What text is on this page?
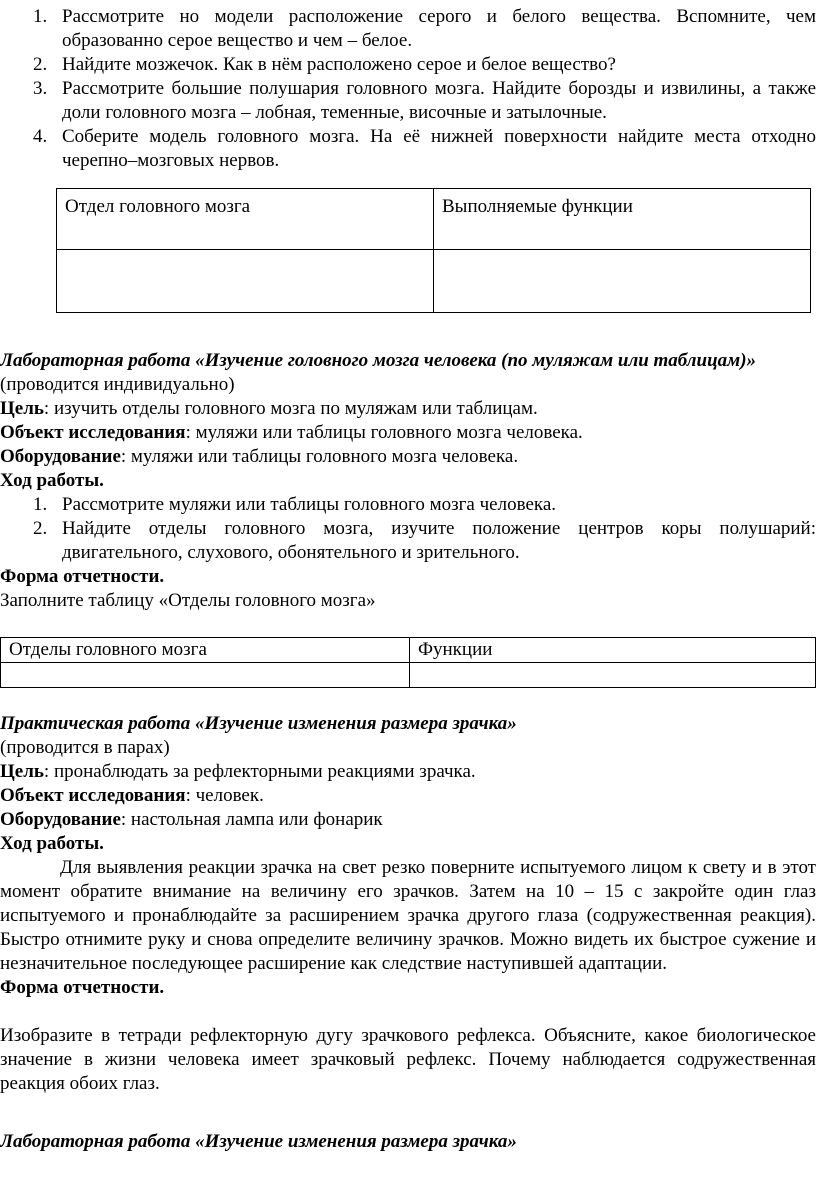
1. Рассмотрите но модели расположение серого и белого вещества. Вспомните, чем образованно серое вещество и чем – белое.
2. Найдите мозжечок. Как в нём расположено серое и белое вещество?
3. Рассмотрите большие полушария головного мозга. Найдите борозды и извилины, а также доли головного мозга – лобная, теменные, височные и затылочные.
4. Соберите модель головного мозга. На её нижней поверхности найдите места отходно черепно–мозговых нервов.
Отдел головного мозга	Выполняемые функции

Лабораторная работа «Изучение головного мозга человека (по муляжам или таблицам)»

(проводится индивидуально)

Цель: изучить отделы головного мозга по муляжам или таблицам.

Объект исследования: муляжи или таблицы головного мозга человека.

Оборудование: муляжи или таблицы головного мозга человека.

Ход работы.

1. Рассмотрите муляжи или таблицы головного мозга человека.
2. Найдите отделы головного мозга, изучите положение центров коры полушарий: двигательного, слухового, обонятельного и зрительного.

Форма отчетности.

Заполните таблицу «Отделы головного мозга»

Отделы головного мозга	Функции

Практическая работа «Изучение изменения размера зрачка»

(проводится в парах)

Цель: пронаблюдать за рефлекторными реакциями зрачка.

Объект исследования: человек.

Оборудование: настольная лампа или фонарик

Ход работы.

Для выявления реакции зрачка на свет резко поверните испытуемого лицом к свету и в этот момент обратите внимание на величину его зрачков. Затем на 10 – 15 с закройте один глаз испытуемого и пронаблюдайте за расширением зрачка другого глаза (содружественная реакция). Быстро отнимите руку и снова определите величину зрачков. Можно видеть их быстрое сужение и незначительное последующее расширение как следствие наступившей адаптации.

Форма отчетности.

Изобразите в тетради рефлекторную дугу зрачкового рефлекса. Объясните, какое биологическое значение в жизни человека имеет зрачковый рефлекс. Почему наблюдается содружественная реакция обоих глаз.

Лабораторная работа «Изучение изменения размера зрачка»
